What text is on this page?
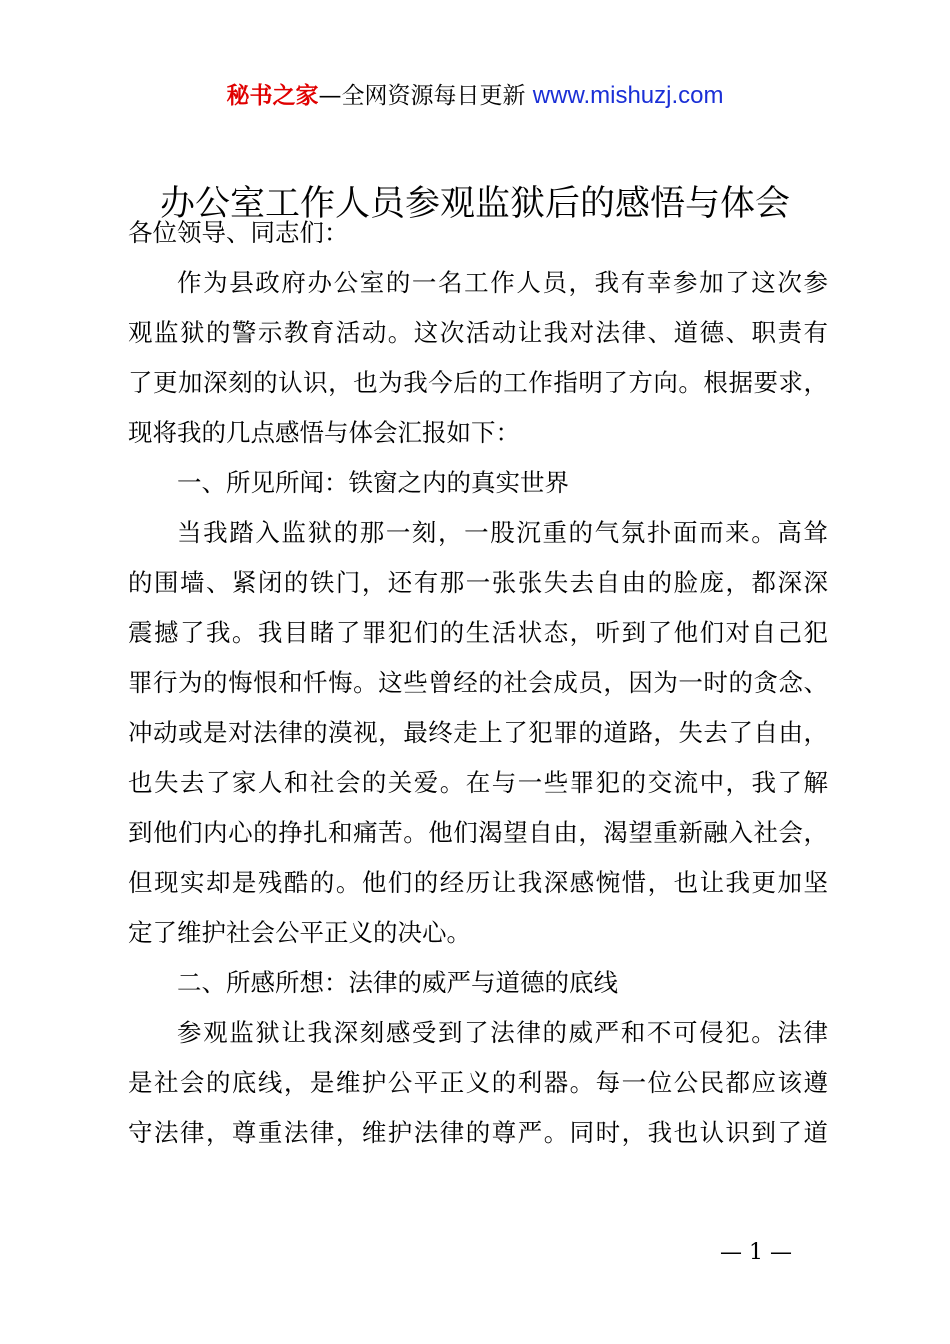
秘书之家—全网资源每日更新 www.mishuzj.com
办公室工作人员参观监狱后的感悟与体会
各位领导、同志们：
作为县政府办公室的一名工作人员，我有幸参加了这次参
观监狱的警示教育活动。这次活动让我对法律、道德、职责有
了更加深刻的认识，也为我今后的工作指明了方向。根据要求，
现将我的几点感悟与体会汇报如下：
一、所见所闻：铁窗之内的真实世界
当我踏入监狱的那一刻，一股沉重的气氛扑面而来。高耸
的围墙、紧闭的铁门，还有那一张张失去自由的脸庞，都深深
震撼了我。我目睹了罪犯们的生活状态，听到了他们对自己犯
罪行为的悔恨和忏悔。这些曾经的社会成员，因为一时的贪念、
冲动或是对法律的漠视，最终走上了犯罪的道路，失去了自由，
也失去了家人和社会的关爱。在与一些罪犯的交流中，我了解
到他们内心的挣扎和痛苦。他们渴望自由，渴望重新融入社会，
但现实却是残酷的。他们的经历让我深感惋惜，也让我更加坚
定了维护社会公平正义的决心。
二、所感所想：法律的威严与道德的底线
参观监狱让我深刻感受到了法律的威严和不可侵犯。法律
是社会的底线，是维护公平正义的利器。每一位公民都应该遵
守法律，尊重法律，维护法律的尊严。同时，我也认识到了道
— 1 —
